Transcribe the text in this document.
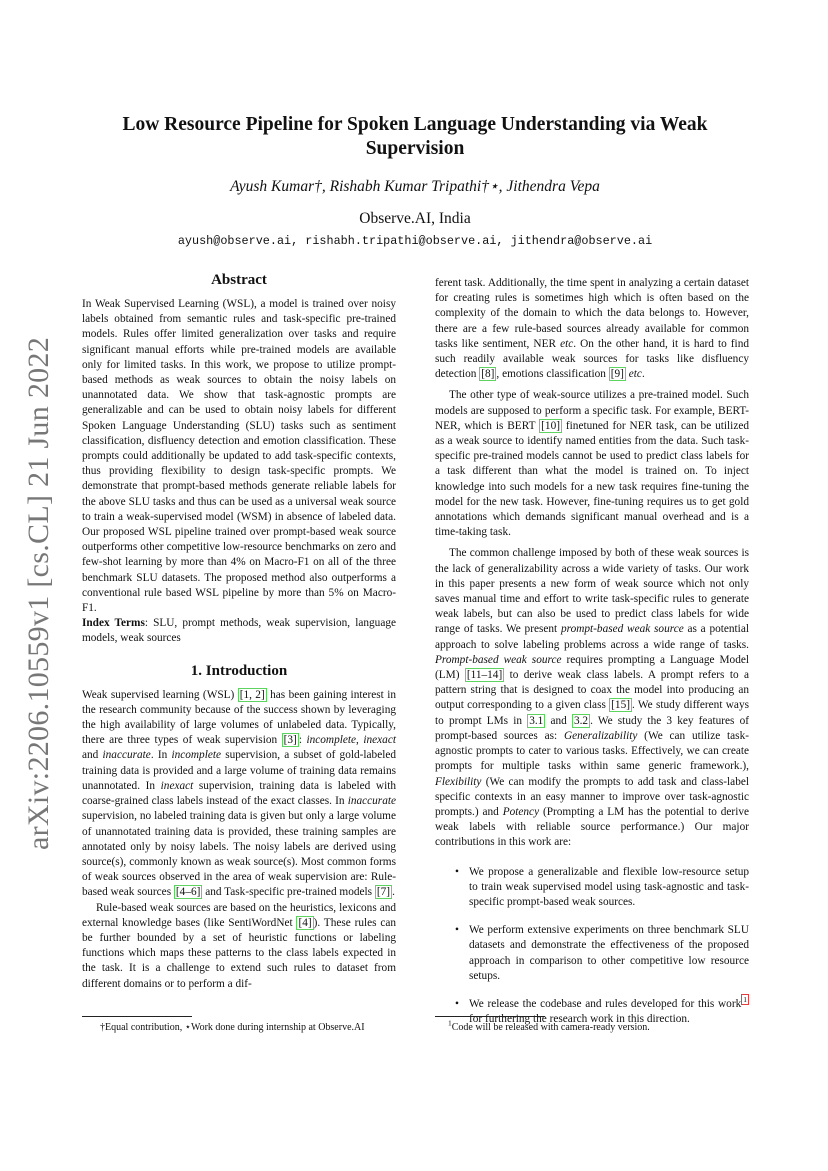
arXiv:2206.10559v1 [cs.CL] 21 Jun 2022
Low Resource Pipeline for Spoken Language Understanding via Weak Supervision
Ayush Kumar†, Rishabh Kumar Tripathi†⋆, Jithendra Vepa
Observe.AI, India
ayush@observe.ai, rishabh.tripathi@observe.ai, jithendra@observe.ai
Abstract

In Weak Supervised Learning (WSL), a model is trained over noisy labels obtained from semantic rules and task-specific pre-trained models. Rules offer limited generalization over tasks and require significant manual efforts while pre-trained models are available only for limited tasks. In this work, we propose to utilize prompt-based methods as weak sources to obtain the noisy labels on unannotated data. We show that task-agnostic prompts are generalizable and can be used to obtain noisy labels for different Spoken Language Understanding (SLU) tasks such as sentiment classification, disfluency detection and emotion classification. These prompts could additionally be updated to add task-specific contexts, thus providing flexibility to design task-specific prompts. We demonstrate that prompt-based methods generate reliable labels for the above SLU tasks and thus can be used as a universal weak source to train a weak-supervised model (WSM) in absence of labeled data. Our proposed WSL pipeline trained over prompt-based weak source outperforms other competitive low-resource benchmarks on zero and few-shot learning by more than 4% on Macro-F1 on all of the three benchmark SLU datasets. The proposed method also outperforms a conventional rule based WSL pipeline by more than 5% on Macro-F1.

Index Terms: SLU, prompt methods, weak supervision, language models, weak sources

1. Introduction

Weak supervised learning (WSL) [1, 2] has been gaining interest in the research community because of the success shown by leveraging the high availability of large volumes of unlabeled data. Typically, there are three types of weak supervision [3] : incomplete, inexact and inaccurate. In incomplete supervision, a subset of gold-labeled training data is provided and a large volume of training data remains unannotated. In inexact supervision, training data is labeled with coarse-grained class labels instead of the exact classes. In inaccurate supervision, no labeled training data is given but only a large volume of unannotated training data is provided, these training samples are annotated only by noisy labels. The noisy labels are derived using source(s), commonly known as weak source(s). Most common forms of weak sources observed in the area of weak supervision are: Rule-based weak sources [4–6] and Task-specific pre-trained models [7] .

Rule-based weak sources are based on the heuristics, lexicons and external knowledge bases (like SentiWordNet [4] ). These rules can be further bounded by a set of heuristic functions or labeling functions which maps these patterns to the class labels expected in the task. It is a challenge to extend such rules to dataset from different domains or to perform a dif-

ferent task. Additionally, the time spent in analyzing a certain dataset for creating rules is sometimes high which is often based on the complexity of the domain to which the data belongs to. However, there are a few rule-based sources already available for common tasks like sentiment, NER etc. On the other hand, it is hard to find such readily available weak sources for tasks like disfluency detection [8] , emotions classification [9] etc.

The other type of weak-source utilizes a pre-trained model. Such models are supposed to perform a specific task. For example, BERT-NER, which is BERT [10] finetuned for NER task, can be utilized as a weak source to identify named entities from the data. Such task-specific pre-trained models cannot be used to predict class labels for a task different than what the model is trained on. To inject knowledge into such models for a new task requires fine-tuning the model for the new task. However, fine-tuning requires us to get gold annotations which demands significant manual overhead and is a time-taking task.

The common challenge imposed by both of these weak sources is the lack of generalizability across a wide variety of tasks. Our work in this paper presents a new form of weak source which not only saves manual time and effort to write task-specific rules to generate weak labels, but can also be used to predict class labels for wide range of tasks. We present prompt-based weak source as a potential approach to solve labeling problems across a wide range of tasks. Prompt-based weak source requires prompting a Language Model (LM) [11–14] to derive weak class labels. A prompt refers to a pattern string that is designed to coax the model into producing an output corresponding to a given class [15] . We study different ways to prompt LMs in 3.1 and 3.2 . We study the 3 key features of prompt-based sources as: Generalizability (We can utilize task-agnostic prompts to cater to various tasks. Effectively, we can create prompts for multiple tasks within same generic framework.), Flexibility (We can modify the prompts to add task and class-label specific contexts in an easy manner to improve over task-agnostic prompts.) and Potency (Prompting a LM has the potential to derive weak labels with reliable source performance.) Our major contributions in this work are:

• We propose a generalizable and flexible low-resource setup to train weak supervised model using task-agnostic and task-specific prompt-based weak sources.
• We perform extensive experiments on three benchmark SLU datasets and demonstrate the effectiveness of the proposed approach in comparison to other competitive low resource setups.
• We release the codebase and rules developed for this work $^1$ for furthering the research work in this direction.
†Equal contribution, ⋆Work done during internship at Observe.AI	$^1$Code will be released with camera-ready version.
